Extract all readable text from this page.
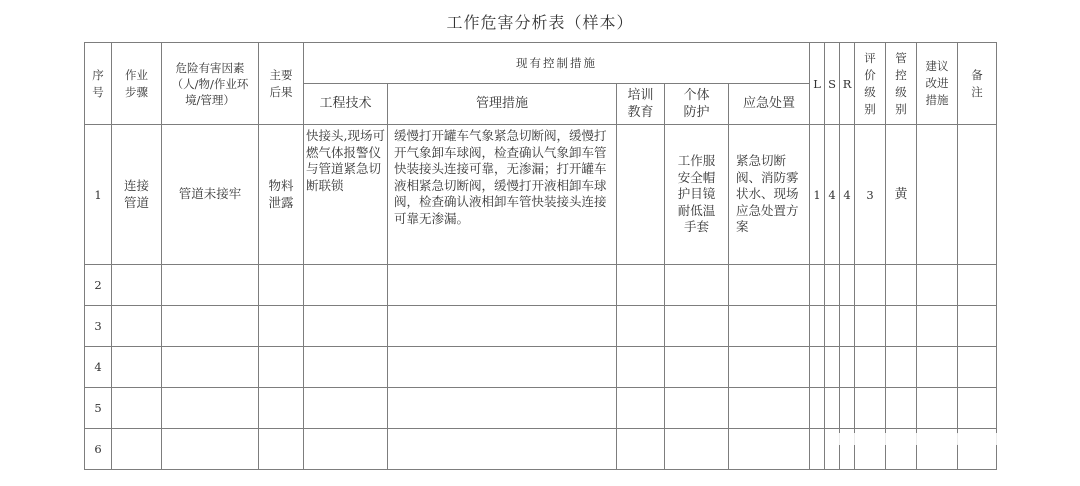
工作危害分析表（样本）
序号	作业步骤	危险有害因素（人/物/作业环境/管理）	主要后果	现有控制措施					L	S	R	评价级别	管控级别	建议改进措施	备注
				工程技术	管理措施	培训教育	个体防护	应急处置							
1	连接管道	管道未接牢	物料泄露	快接头,现场可燃气体报警仪与管道紧急切断联锁	缓慢打开罐车气象紧急切断阀，缓慢打开气象卸车球阀，检查确认气象卸车管快装接头连接可靠，无渗漏；打开罐车液相紧急切断阀，缓慢打开液相卸车球阀，检查确认液相卸车管快装接头连接可靠无渗漏。		工作服安全帽护目镜耐低温手套	紧急切断阀、消防雾状水、现场应急处置方案	1	4	4	3	黄		
2															
3															
4															
5															
6															
